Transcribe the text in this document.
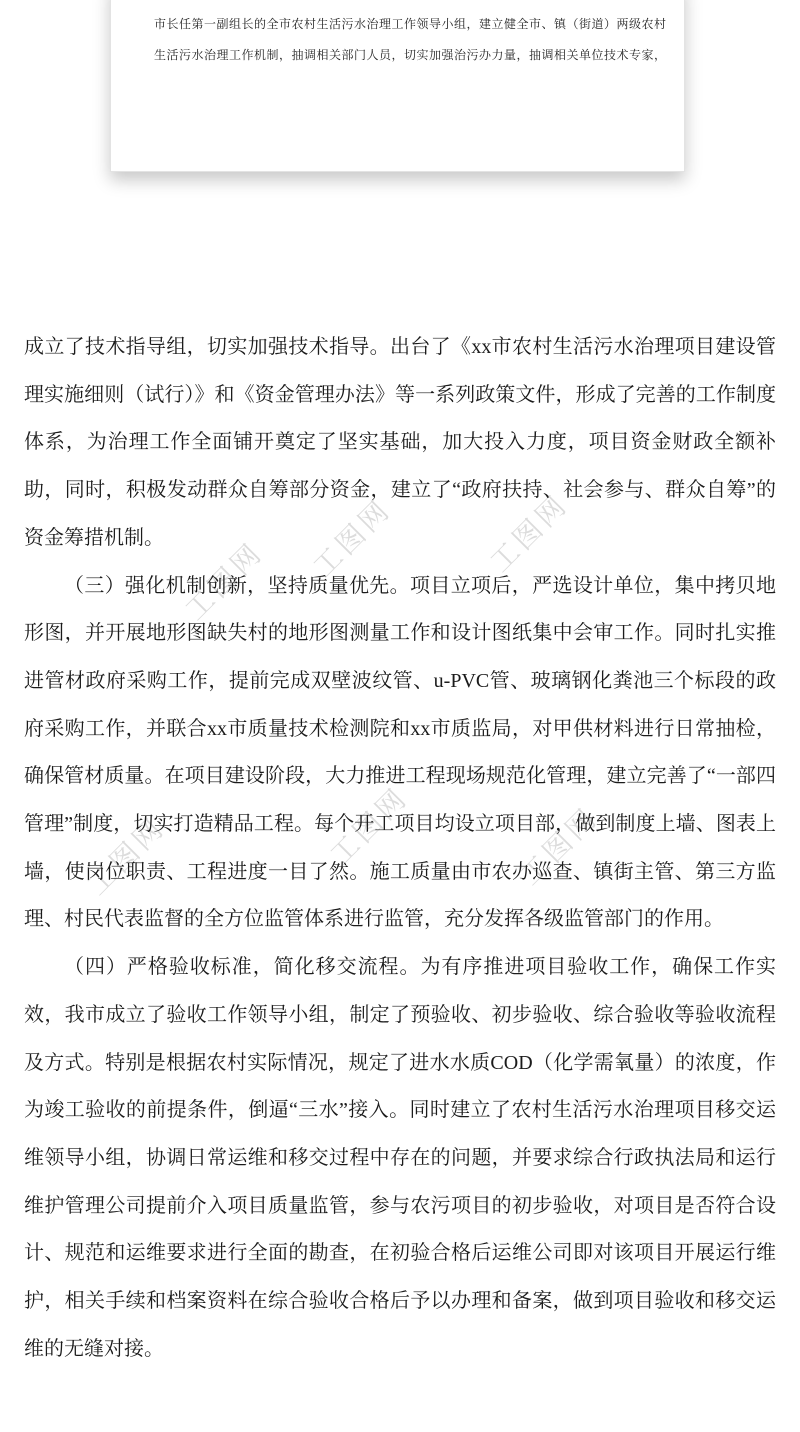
工图网 工图网	工图网
工图网	工图网	工图网

市长任第一副组长的全市农村生活污水治理工作领导小组，建立健全市、镇（街道）两级农村

生活污水治理工作机制，抽调相关部门人员，切实加强治污办力量，抽调相关单位技术专家，

成立了技术指导组，切实加强技术指导。出台了《xx市农村生活污水治理项目建设管理实施细则（试行）》和《资金管理办法》等一系列政策文件，形成了完善的工作制度体系，为治理工作全面铺开奠定了坚实基础，加大投入力度，项目资金财政全额补助，同时，积极发动群众自筹部分资金，建立了“政府扶持、社会参与、群众自筹”的资金筹措机制。

（三）强化机制创新，坚持质量优先。项目立项后，严选设计单位，集中拷贝地形图，并开展地形图缺失村的地形图测量工作和设计图纸集中会审工作。同时扎实推进管材政府采购工作，提前完成双壁波纹管、u-PVC管、玻璃钢化粪池三个标段的政府采购工作，并联合xx市质量技术检测院和xx市质监局，对甲供材料进行日常抽检，确保管材质量。在项目建设阶段，大力推进工程现场规范化管理，建立完善了“一部四管理”制度，切实打造精品工程。每个开工项目均设立项目部，做到制度上墙、图表上墙，使岗位职责、工程进度一目了然。施工质量由市农办巡查、镇街主管、第三方监理、村民代表监督的全方位监管体系进行监管，充分发挥各级监管部门的作用。

（四）严格验收标准，简化移交流程。为有序推进项目验收工作，确保工作实效，我市成立了验收工作领导小组，制定了预验收、初步验收、综合验收等验收流程及方式。特别是根据农村实际情况，规定了进水水质COD（化学需氧量）的浓度，作为竣工验收的前提条件，倒逼“三水”接入。同时建立了农村生活污水治理项目移交运维领导小组，协调日常运维和移交过程中存在的问题，并要求综合行政执法局和运行维护管理公司提前介入项目质量监管，参与农污项目的初步验收，对项目是否符合设计、规范和运维要求进行全面的勘查，在初验合格后运维公司即对该项目开展运行维护，相关手续和档案资料在综合验收合格后予以办理和备案，做到项目验收和移交运维的无缝对接。
